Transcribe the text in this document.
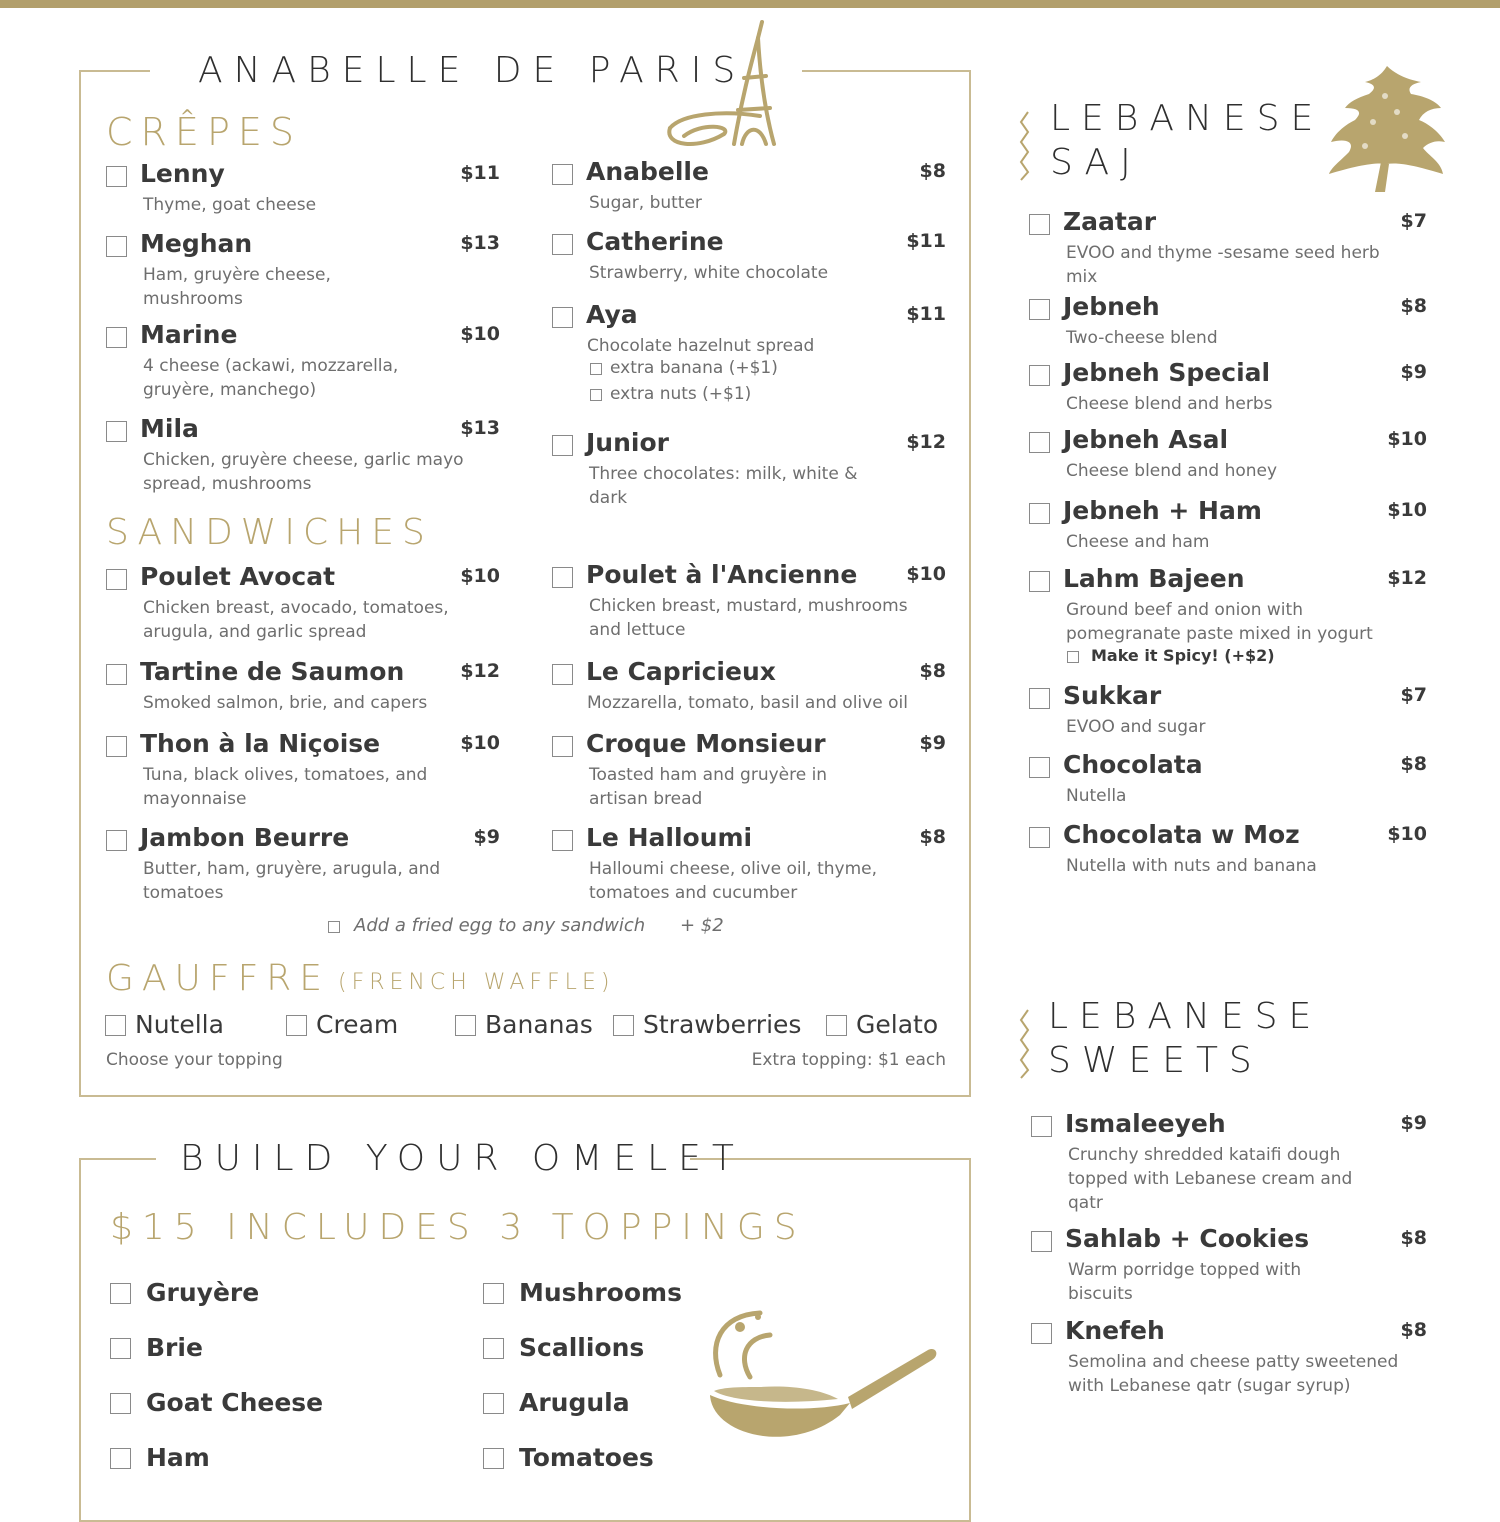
ANABELLE DE PARIS
CRÊPES
Lenny	$11
Thyme, goat cheese
Meghan	$13
Ham, gruyère cheese, mushrooms
Marine	$10
4 cheese (ackawi, mozzarella, gruyère, manchego)
Mila	$13
Chicken, gruyère cheese, garlic mayo spread, mushrooms
Anabelle	$8
Sugar, butter
Catherine	$11
Strawberry, white chocolate
Aya	$11
Chocolate hazelnut spread
extra banana (+$1)
extra nuts (+$1)
Junior	$12
Three chocolates: milk, white & dark
SANDWICHES
Poulet Avocat	$10
Chicken breast, avocado, tomatoes, arugula, and garlic spread
Tartine de Saumon	$12
Smoked salmon, brie, and capers
Thon à la Niçoise	$10
Tuna, black olives, tomatoes, and mayonnaise
Jambon Beurre	$9
Butter, ham, gruyère, arugula, and tomatoes
Poulet à l'Ancienne	$10
Chicken breast, mustard, mushrooms and lettuce
Le Capricieux	$8
Mozzarella, tomato, basil and olive oil
Croque Monsieur	$9
Toasted ham and gruyère in artisan bread
Le Halloumi	$8
Halloumi cheese, olive oil, thyme, tomatoes and cucumber
Add a fried egg to any sandwich + $2
GAUFFRE (FRENCH WAFFLE)
Nutella	Cream	Bananas Strawberries Gelato
Choose your topping	Extra topping: $1 each
BUILD YOUR OMELET
$15 INCLUDES 3 TOPPINGS
Gruyère
Brie
Goat Cheese
Ham
Mushrooms
Scallions
Arugula
Tomatoes
LEBANESE
SAJ
Zaatar	$7
EVOO and thyme -sesame seed herb mix
Jebneh	$8
Two-cheese blend
Jebneh Special	$9
Cheese blend and herbs
Jebneh Asal	$10
Cheese blend and honey
Jebneh + Ham	$10
Cheese and ham
Lahm Bajeen	$12
Ground beef and onion with pomegranate paste mixed in yogurt
Make it Spicy! (+$2)
Sukkar	$7
EVOO and sugar
Chocolata	$8
Nutella
Chocolata w Moz	$10
Nutella with nuts and banana
LEBANESE
SWEETS
Ismaleeyeh	$9
Crunchy shredded kataifi dough topped with Lebanese cream and qatr
Sahlab + Cookies	$8
Warm porridge topped with biscuits
Knefeh	$8
Semolina and cheese patty sweetened with Lebanese qatr (sugar syrup)
